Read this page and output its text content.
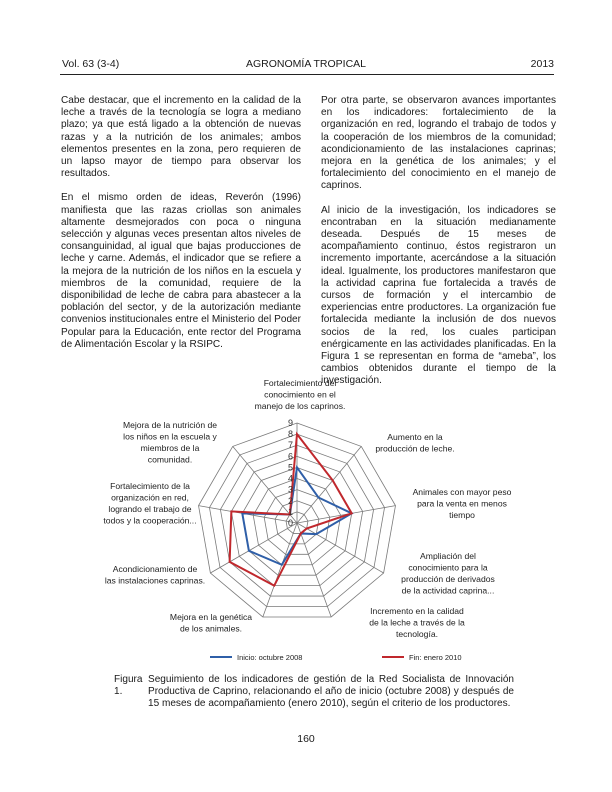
Vol. 63 (3-4)	AGRONOMÍA TROPICAL	2013

Cabe destacar, que el incremento en la calidad de la leche a través de la tecnología se logra a mediano plazo; ya que está ligado a la obtención de nuevas razas y a la nutrición de los animales; ambos elementos presentes en la zona, pero requieren de un lapso mayor de tiempo para observar los resultados.

En el mismo orden de ideas, Reverón (1996) manifiesta que las razas criollas son animales altamente desmejorados con poca o ninguna selección y algunas veces presentan altos niveles de consanguinidad, al igual que bajas producciones de leche y carne. Además, el indicador que se refiere a la mejora de la nutrición de los niños en la escuela y miembros de la comunidad, requiere de la disponibilidad de leche de cabra para abastecer a la población del sector, y de la autorización mediante convenios institucionales entre el Ministerio del Poder Popular para la Educación, ente rector del Programa de Alimentación Escolar y la RSIPC.

Por otra parte, se observaron avances importantes en los indicadores: fortalecimiento de la organización en red, logrando el trabajo de todos y la cooperación de los miembros de la comunidad; acondicionamiento de las instalaciones caprinas; mejora en la genética de los animales; y el fortalecimiento del conocimiento en el manejo de caprinos.

Al inicio de la investigación, los indicadores se encontraban en la situación medianamente deseada. Después de 15 meses de acompañamiento continuo, éstos registraron un incremento importante, acercándose a la situación ideal. Igualmente, los productores manifestaron que la actividad caprina fue fortalecida a través de cursos de formación y el intercambio de experiencias entre productores. La organización fue fortalecida mediante la inclusión de dos nuevos socios de la red, los cuales participan enérgicamente en las actividades planificadas. En la Figura 1 se representan en forma de “ameba”, los cambios obtenidos durante el tiempo de la investigación.

0
1
2
3
4
5
6
7
8
9
Fortalecimiento del
conocimiento en el
manejo de los caprinos.
Aumento en la
producción de leche.
Animales con mayor peso
para la venta en menos
tiempo
Ampliación del
conocimiento para la
producción de derivados
de la actividad caprina...
Incremento en la calidad
de la leche a través de la
tecnología.
Mejora en la genética
de los animales.
Acondicionamiento de
las instalaciones caprinas.
Fortalecimiento de la
organización en red,
logrando el trabajo de
todos y la cooperación...
Mejora de la nutrición de
los niños en la escuela y
miembros de la
comunidad.
Inicio: octubre 2008	Fin: enero 2010
Figura 1.
Seguimiento de los indicadores de gestión de la Red Socialista de Innovación Productiva de Caprino, relacionando el año de inicio (octubre 2008) y después de 15 meses de acompañamiento (enero 2010), según el criterio de los productores.
160
